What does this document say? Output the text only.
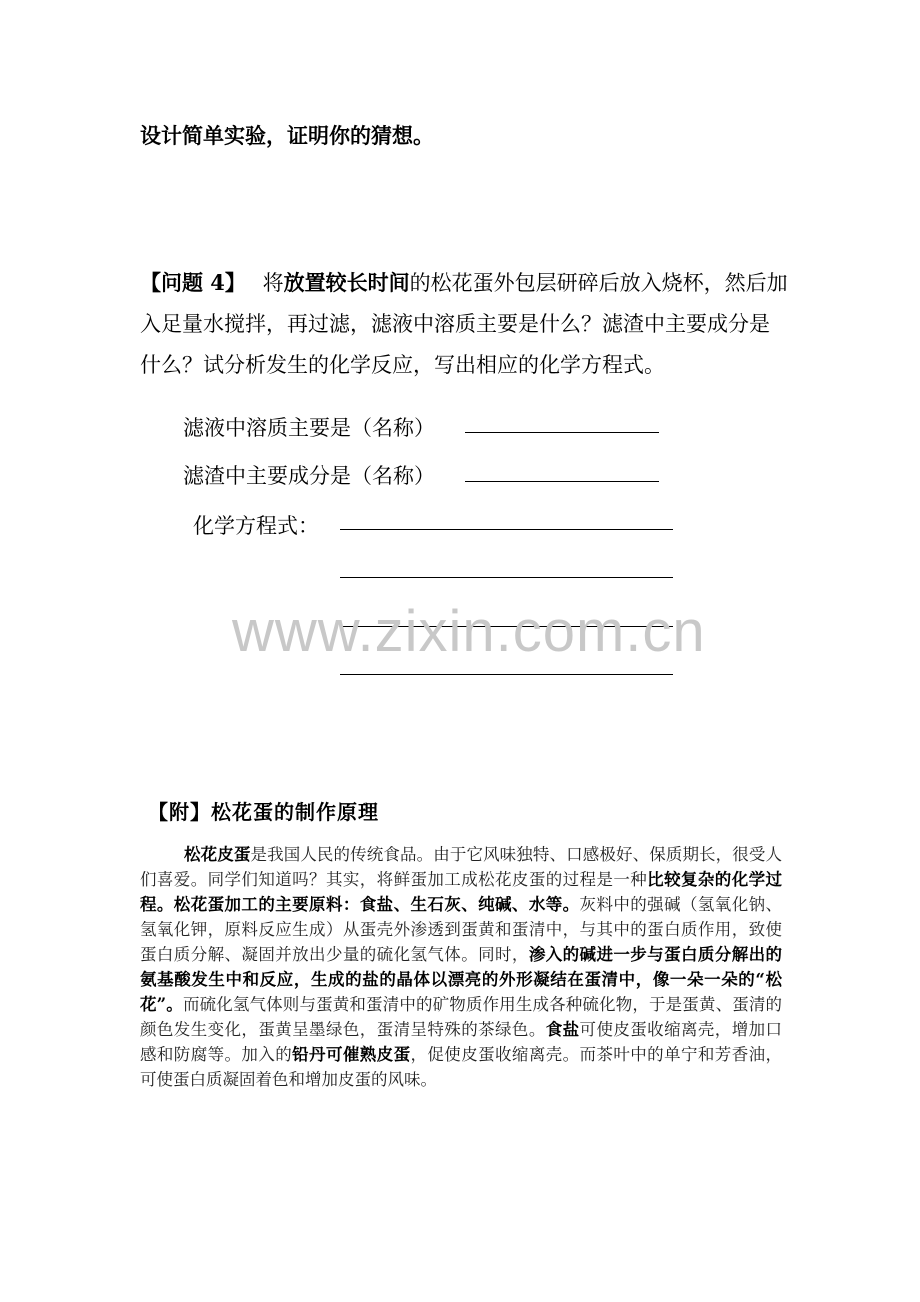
设计简单实验，证明你的猜想。
【问题 4】 将放置较长时间的松花蛋外包层研碎后放入烧杯，然后加入足量水搅拌，再过滤，滤液中溶质主要是什么？滤渣中主要成分是什么？试分析发生的化学反应，写出相应的化学方程式。
滤液中溶质主要是（名称）
滤渣中主要成分是（名称）
化学方程式：
www.zixin.com.cn
【附】松花蛋的制作原理
松花皮蛋是我国人民的传统食品。由于它风味独特、口感极好、保质期长，很受人们喜爱。同学们知道吗？其实，将鲜蛋加工成松花皮蛋的过程是一种比较复杂的化学过程。松花蛋加工的主要原料：食盐、生石灰、纯碱、水等。灰料中的强碱（氢氧化钠、氢氧化钾，原料反应生成）从蛋壳外渗透到蛋黄和蛋清中，与其中的蛋白质作用，致使蛋白质分解、凝固并放出少量的硫化氢气体。同时，渗入的碱进一步与蛋白质分解出的氨基酸发生中和反应，生成的盐的晶体以漂亮的外形凝结在蛋清中，像一朵一朵的“松花”。而硫化氢气体则与蛋黄和蛋清中的矿物质作用生成各种硫化物，于是蛋黄、蛋清的颜色发生变化，蛋黄呈墨绿色，蛋清呈特殊的茶绿色。食盐可使皮蛋收缩离壳，增加口感和防腐等。加入的铅丹可催熟皮蛋，促使皮蛋收缩离壳。而茶叶中的单宁和芳香油，可使蛋白质凝固着色和增加皮蛋的风味。
